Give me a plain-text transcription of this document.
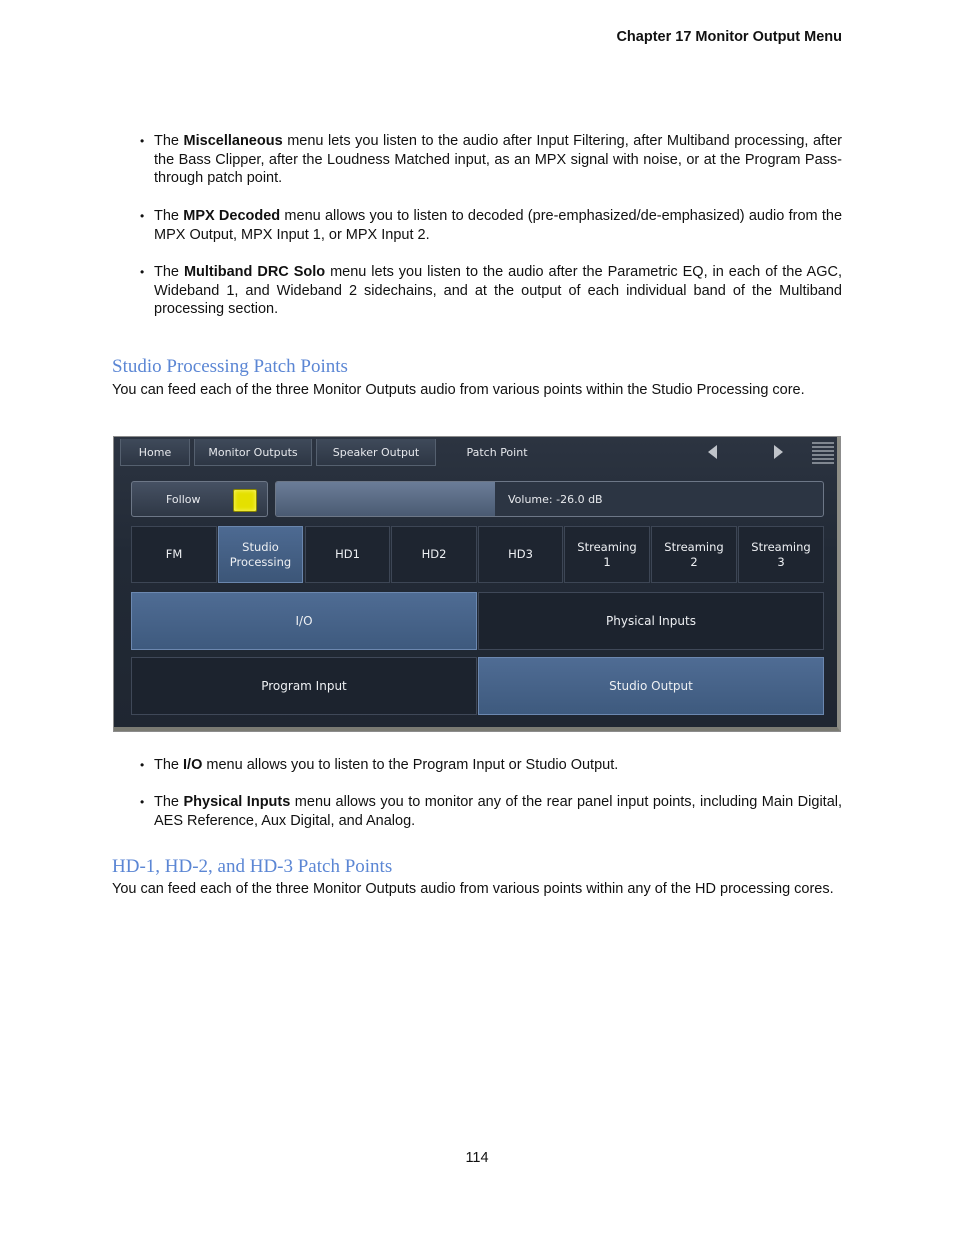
Chapter 17 Monitor Output Menu
• The Miscellaneous menu lets you listen to the audio after Input Filtering, after Multiband processing, after the Bass Clipper, after the Loudness Matched input, as an MPX signal with noise, or at the Program Pass-through patch point.
• The MPX Decoded menu allows you to listen to decoded (pre-emphasized/de-emphasized) audio from the MPX Output, MPX Input 1, or MPX Input 2.
• The Multiband DRC Solo menu lets you listen to the audio after the Parametric EQ, in each of the AGC, Wideband 1, and Wideband 2 sidechains, and at the output of each individual band of the Multiband processing section.
Studio Processing Patch Points
You can feed each of the three Monitor Outputs audio from various points within the Studio Processing core.
Home	Monitor Outputs	Speaker Output	Patch Point
Follow	Volume: -26.0 dB
FM
Studio
Processing
HD1	HD2	HD3
Streaming
1
Streaming
2
Streaming
3
I/O	Physical Inputs
Program Input	Studio Output
• The I/O menu allows you to listen to the Program Input or Studio Output.
• The Physical Inputs menu allows you to monitor any of the rear panel input points, including Main Digital, AES Reference, Aux Digital, and Analog.
HD-1, HD-2, and HD-3 Patch Points
You can feed each of the three Monitor Outputs audio from various points within any of the HD processing cores.
114
